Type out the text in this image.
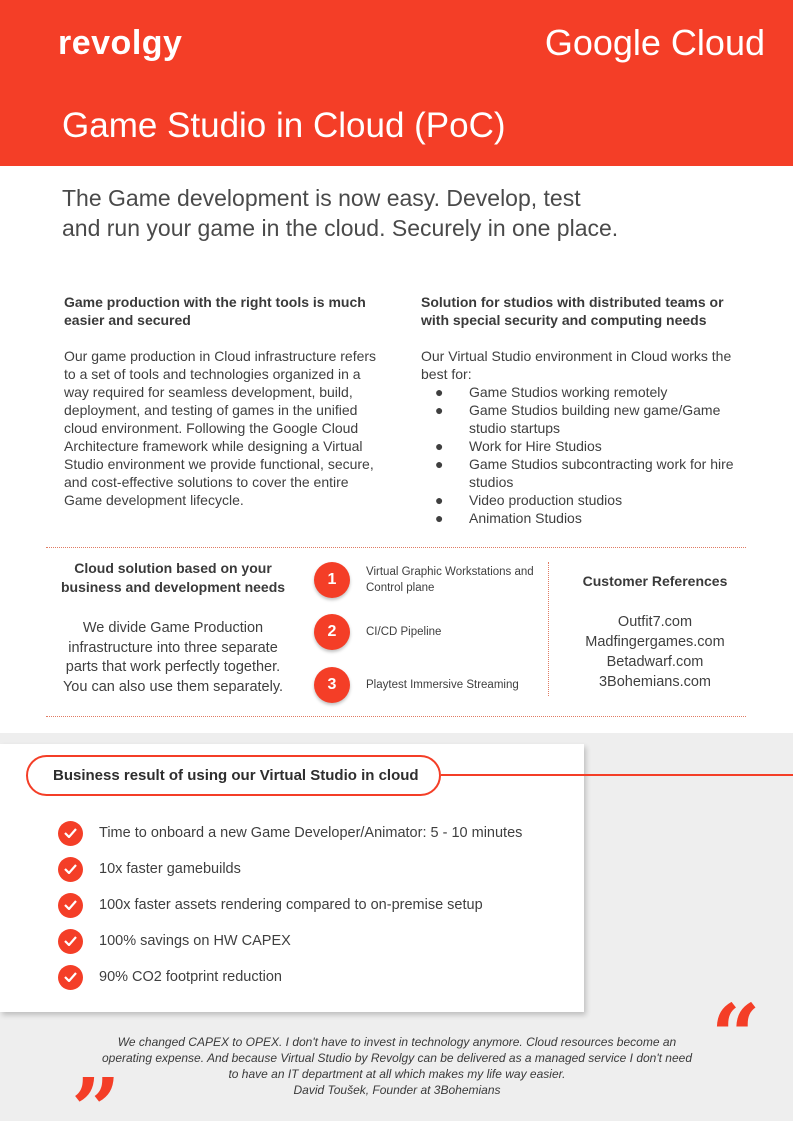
revolgy	Google Cloud
Game Studio in Cloud (PoC)

The Game development is now easy. Develop, test and run your game in the cloud. Securely in one place.

Game production with the right tools is much easier and secured

Our game production in Cloud infrastructure refers to a set of tools and technologies organized in a way required for seamless development, build, deployment, and testing of games in the unified cloud environment. Following the Google Cloud Architecture framework while designing a Virtual Studio environment we provide functional, secure, and cost-effective solutions to cover the entire Game development lifecycle.

Solution for studios with distributed teams or with special security and computing needs

Our Virtual Studio environment in Cloud works the best for:

● Game Studios working remotely
● Game Studios building new game/Game studio startups
● Work for Hire Studios
● Game Studios subcontracting work for hire studios
● Video production studios
● Animation Studios
Cloud solution based on your business and development needs
We divide Game Production infrastructure into three separate parts that work perfectly together. You can also use them separately.
1	Virtual Graphic Workstations and Control plane
2	CI/CD Pipeline
3	Playtest Immersive Streaming
Customer References
Outfit7.com
Madfingergames.com
Betadwarf.com
3Bohemians.com
Business result of using our Virtual Studio in cloud
Time to onboard a new Game Developer/Animator: 5 - 10 minutes
10x faster gamebuilds
100x faster assets rendering compared to on-premise setup
100% savings on HW CAPEX
90% CO2 footprint reduction
“
We changed CAPEX to OPEX. I don't have to invest in technology anymore. Cloud resources become an operating expense. And because Virtual Studio by Revolgy can be delivered as a managed service I don't need to have an IT department at all which makes my life way easier.
David Toušek, Founder at 3Bohemians
”
